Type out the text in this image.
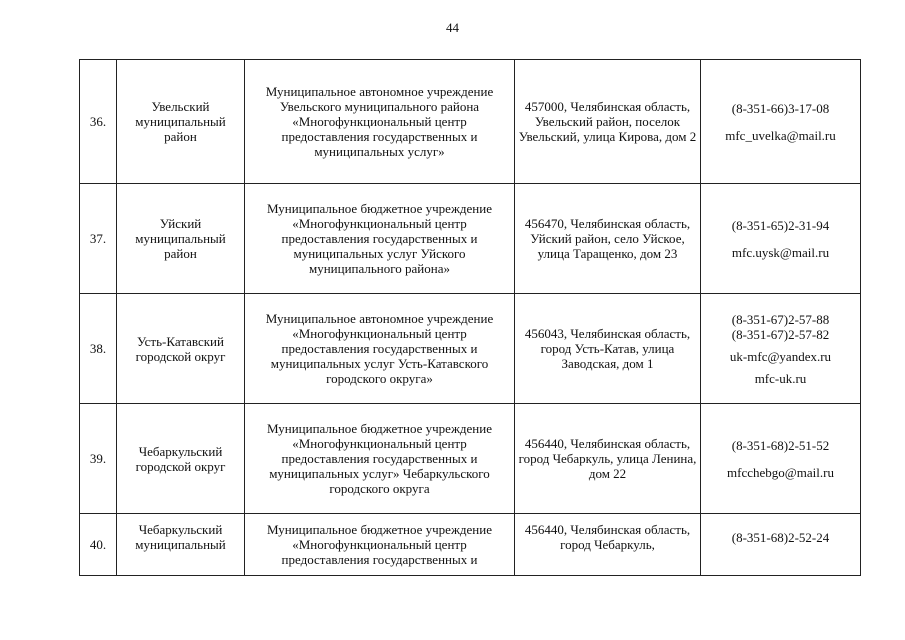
44
36.	Увельский муниципальный район	Муниципальное автономное учреждение Увельского муниципального района «Многофункциональный центр предоставления государственных и муниципальных услуг»	457000, Челябинская область, Увельский район, поселок Увельский, улица Кирова, дом 2	(8-351-66)3-17-08
mfc_uvelka@mail.ru

37.	Уйский муниципальный район	Муниципальное бюджетное учреждение «Многофункциональный центр предоставления государственных и муниципальных услуг Уйского муниципального района»	456470, Челябинская область, Уйский район, село Уйское, улица Таращенко, дом 23	(8-351-65)2-31-94
mfc.uysk@mail.ru

38.	Усть-Катавский городской округ	Муниципальное автономное учреждение «Многофункциональный центр предоставления государственных и муниципальных услуг Усть-Катавского городского округа»	456043, Челябинская область, город Усть-Катав, улица Заводская, дом 1	(8-351-67)2-57-88
(8-351-67)2-57-82
uk-mfc@yandex.ru
mfc-uk.ru

39.	Чебаркульский городской округ	Муниципальное бюджетное учреждение «Многофункциональный центр предоставления государственных и муниципальных услуг» Чебаркульского городского округа	456440, Челябинская область, город Чебаркуль, улица Ленина, дом 22	(8-351-68)2-51-52
mfcchebgo@mail.ru

40.	Чебаркульский муниципальный	Муниципальное бюджетное учреждение «Многофункциональный центр предоставления государственных и	456440, Челябинская область, город Чебаркуль,	(8-351-68)2-52-24
